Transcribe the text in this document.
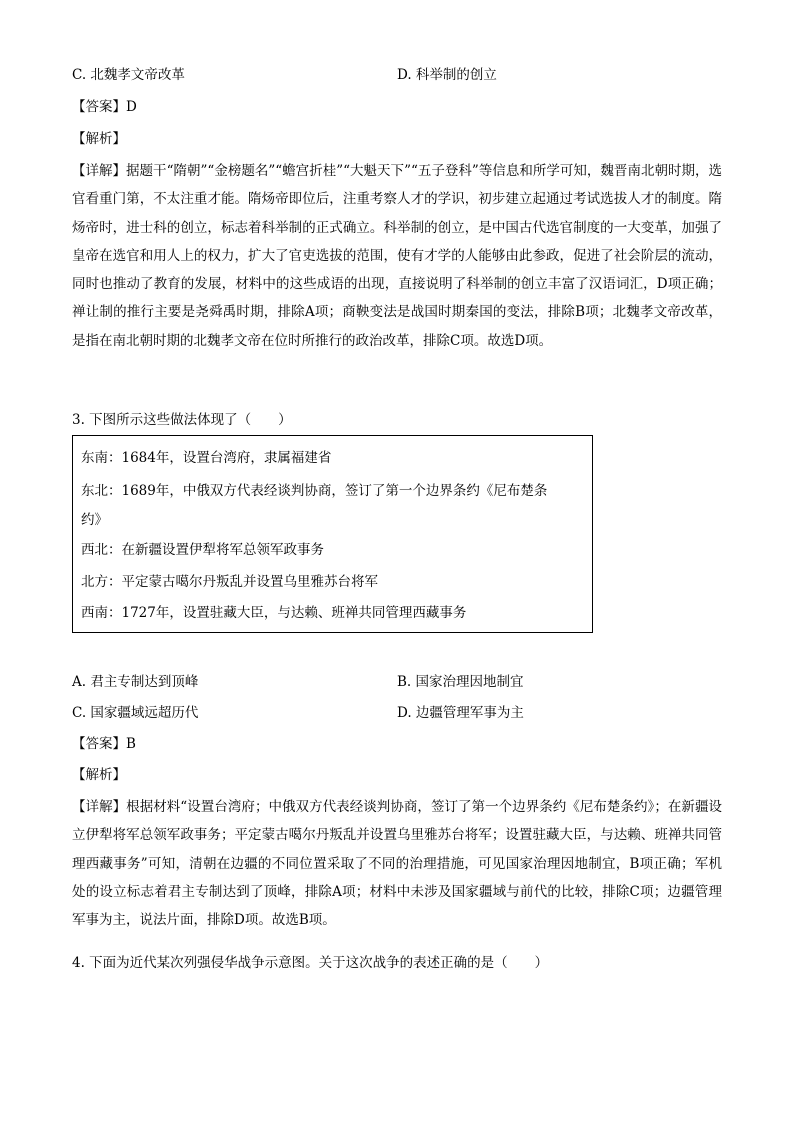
C. 北魏孝文帝改革	D. 科举制的创立
【答案】D
【解析】
【详解】据题干“隋朝”“金榜题名”“蟾宫折桂”“大魁天下”“五子登科”等信息和所学可知，魏晋南北朝时期，选官看重门第，不太注重才能。隋炀帝即位后，注重考察人才的学识，初步建立起通过考试选拔人才的制度。隋炀帝时，进士科的创立，标志着科举制的正式确立。科举制的创立，是中国古代选官制度的一大变革，加强了皇帝在选官和用人上的权力，扩大了官吏选拔的范围，使有才学的人能够由此参政，促进了社会阶层的流动，同时也推动了教育的发展，材料中的这些成语的出现，直接说明了科举制的创立丰富了汉语词汇，D项正确；禅让制的推行主要是尧舜禹时期，排除A项；商鞅变法是战国时期秦国的变法，排除B项；北魏孝文帝改革，是指在南北朝时期的北魏孝文帝在位时所推行的政治改革，排除C项。故选D项。
3. 下图所示这些做法体现了（　　）
东南：1684年，设置台湾府，隶属福建省
东北：1689年，中俄双方代表经谈判协商，签订了第一个边界条约《尼布楚条
约》
西北：在新疆设置伊犁将军总领军政事务
北方：平定蒙古噶尔丹叛乱并设置乌里雅苏台将军
西南：1727年，设置驻藏大臣，与达赖、班禅共同管理西藏事务
A. 君主专制达到顶峰	B. 国家治理因地制宜
C. 国家疆域远超历代	D. 边疆管理军事为主
【答案】B
【解析】
【详解】根据材料“设置台湾府；中俄双方代表经谈判协商，签订了第一个边界条约《尼布楚条约》；在新疆设立伊犁将军总领军政事务；平定蒙古噶尔丹叛乱并设置乌里雅苏台将军；设置驻藏大臣，与达赖、班禅共同管理西藏事务”可知，清朝在边疆的不同位置采取了不同的治理措施，可见国家治理因地制宜，B项正确；军机处的设立标志着君主专制达到了顶峰，排除A项；材料中未涉及国家疆域与前代的比较，排除C项；边疆管理军事为主，说法片面，排除D项。故选B项。
4. 下面为近代某次列强侵华战争示意图。关于这次战争的表述正确的是（　　）
